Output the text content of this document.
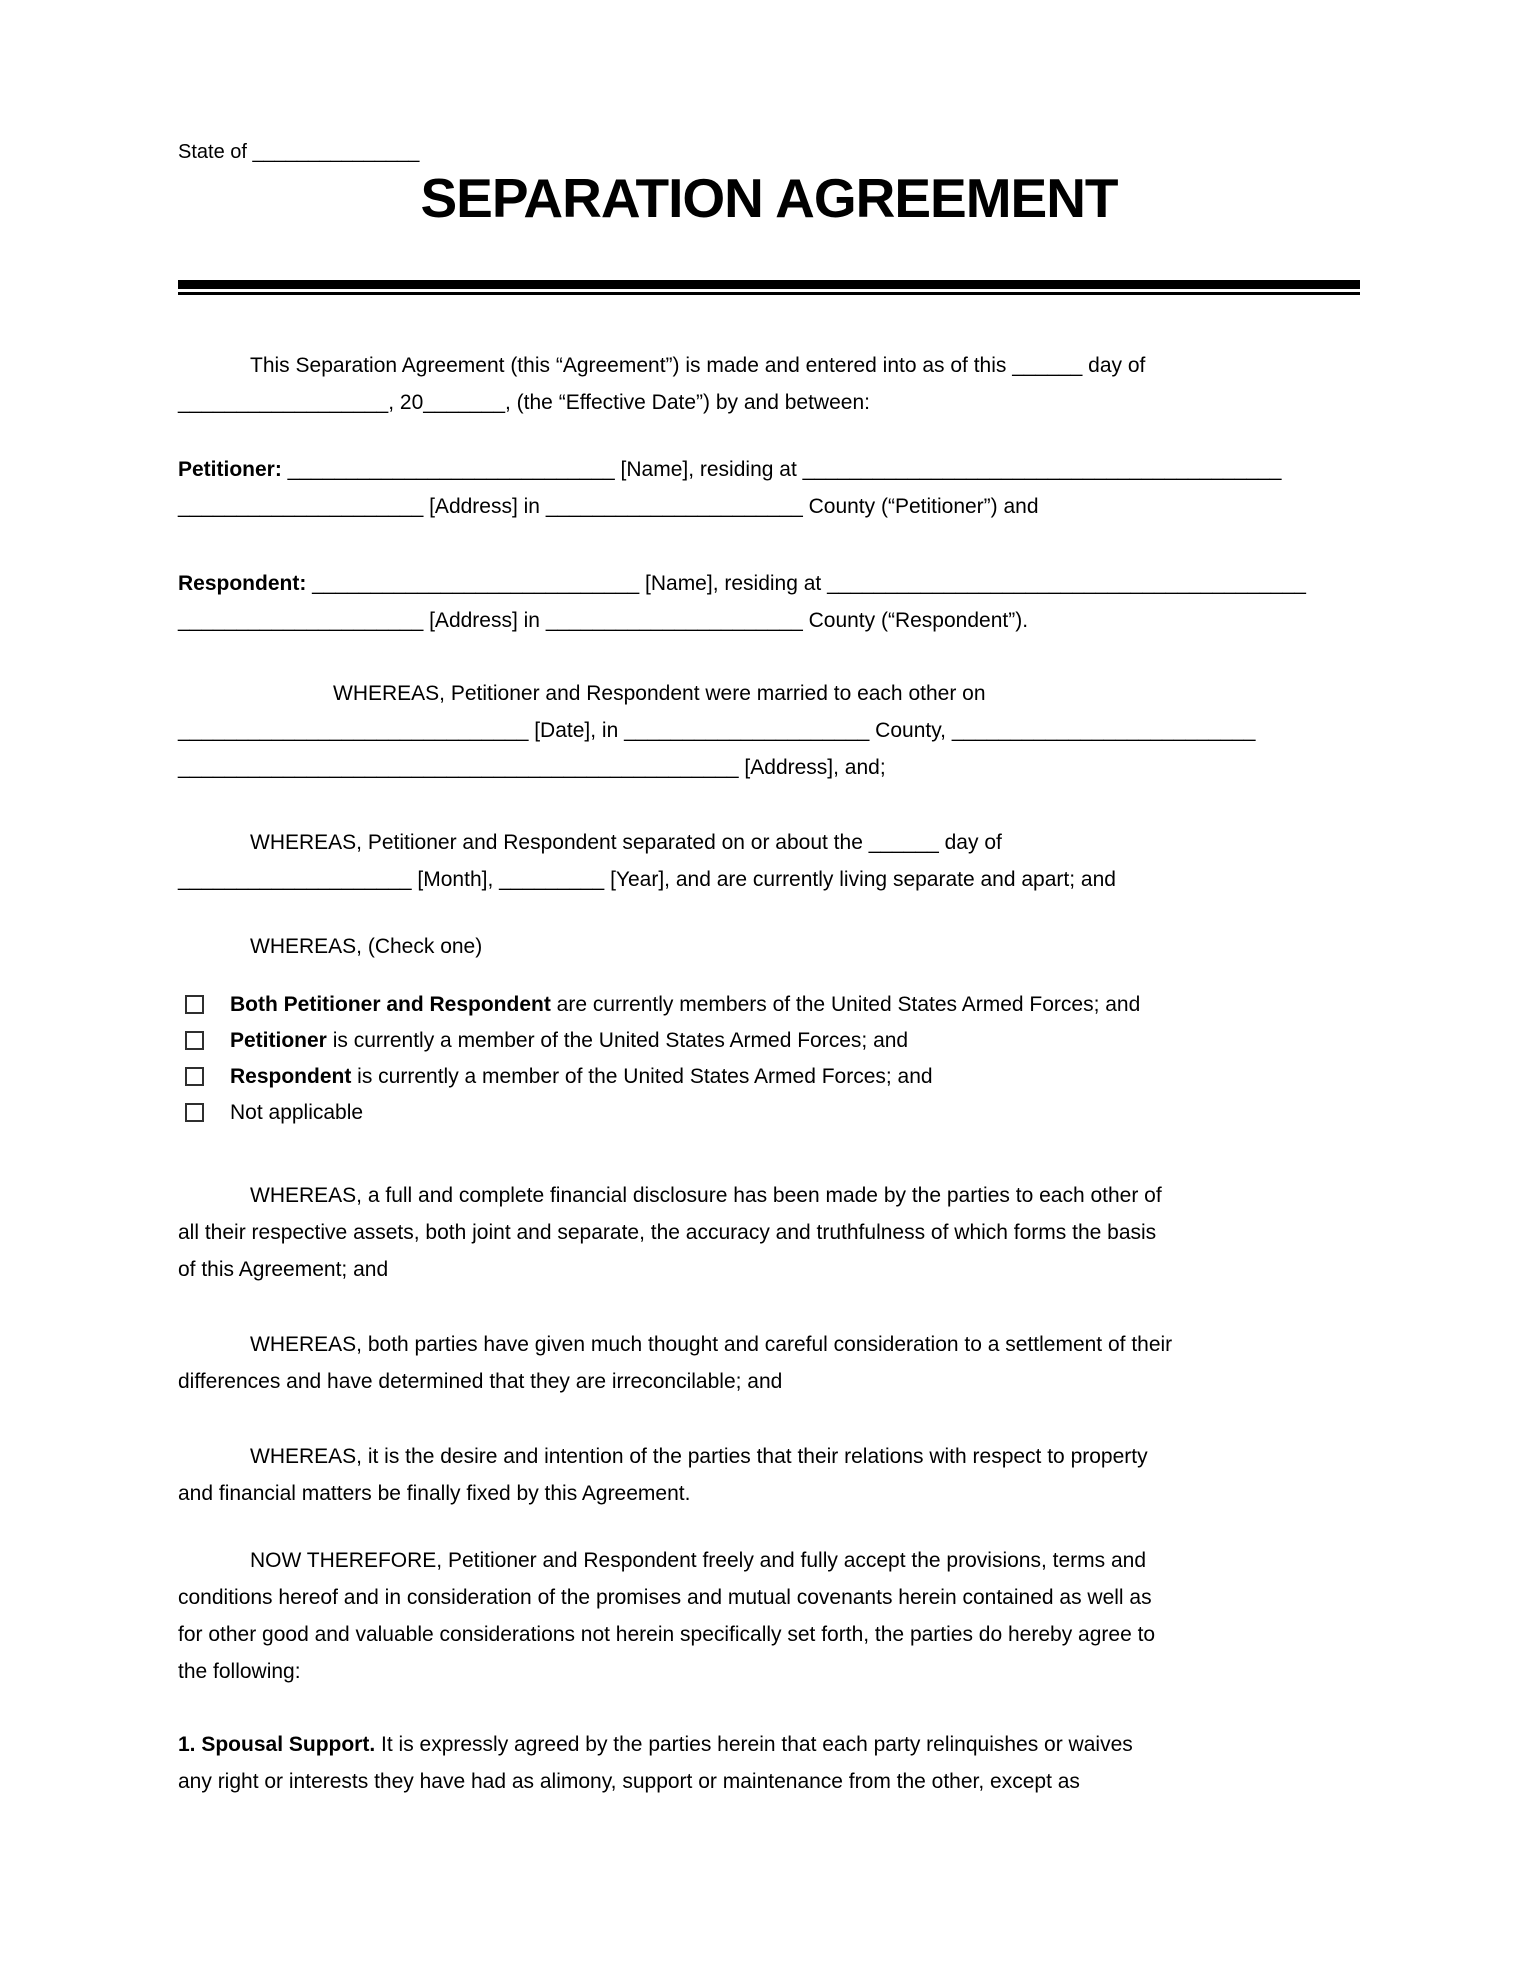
State of _______________
SEPARATION AGREEMENT
This Separation Agreement (this “Agreement”) is made and entered into as of this ______ day of
__________________, 20_______, (the “Effective Date”) by and between:
Petitioner: ____________________________ [Name], residing at _________________________________________
_____________________ [Address] in ______________________ County (“Petitioner”) and
Respondent: ____________________________ [Name], residing at _________________________________________
_____________________ [Address] in ______________________ County (“Respondent”).
WHEREAS, Petitioner and Respondent were married to each other on
______________________________ [Date], in _____________________ County, __________________________
________________________________________________ [Address], and;
WHEREAS, Petitioner and Respondent separated on or about the ______ day of
____________________ [Month], _________ [Year], and are currently living separate and apart; and
WHEREAS, (Check one)
Both Petitioner and Respondent are currently members of the United States Armed Forces; and
Petitioner is currently a member of the United States Armed Forces; and
Respondent is currently a member of the United States Armed Forces; and
Not applicable
WHEREAS, a full and complete financial disclosure has been made by the parties to each other of
all their respective assets, both joint and separate, the accuracy and truthfulness of which forms the basis
of this Agreement; and
WHEREAS, both parties have given much thought and careful consideration to a settlement of their
differences and have determined that they are irreconcilable; and
WHEREAS, it is the desire and intention of the parties that their relations with respect to property
and financial matters be finally fixed by this Agreement.
NOW THEREFORE, Petitioner and Respondent freely and fully accept the provisions, terms and
conditions hereof and in consideration of the promises and mutual covenants herein contained as well as
for other good and valuable considerations not herein specifically set forth, the parties do hereby agree to
the following:
1. Spousal Support. It is expressly agreed by the parties herein that each party relinquishes or waives
any right or interests they have had as alimony, support or maintenance from the other, except as
